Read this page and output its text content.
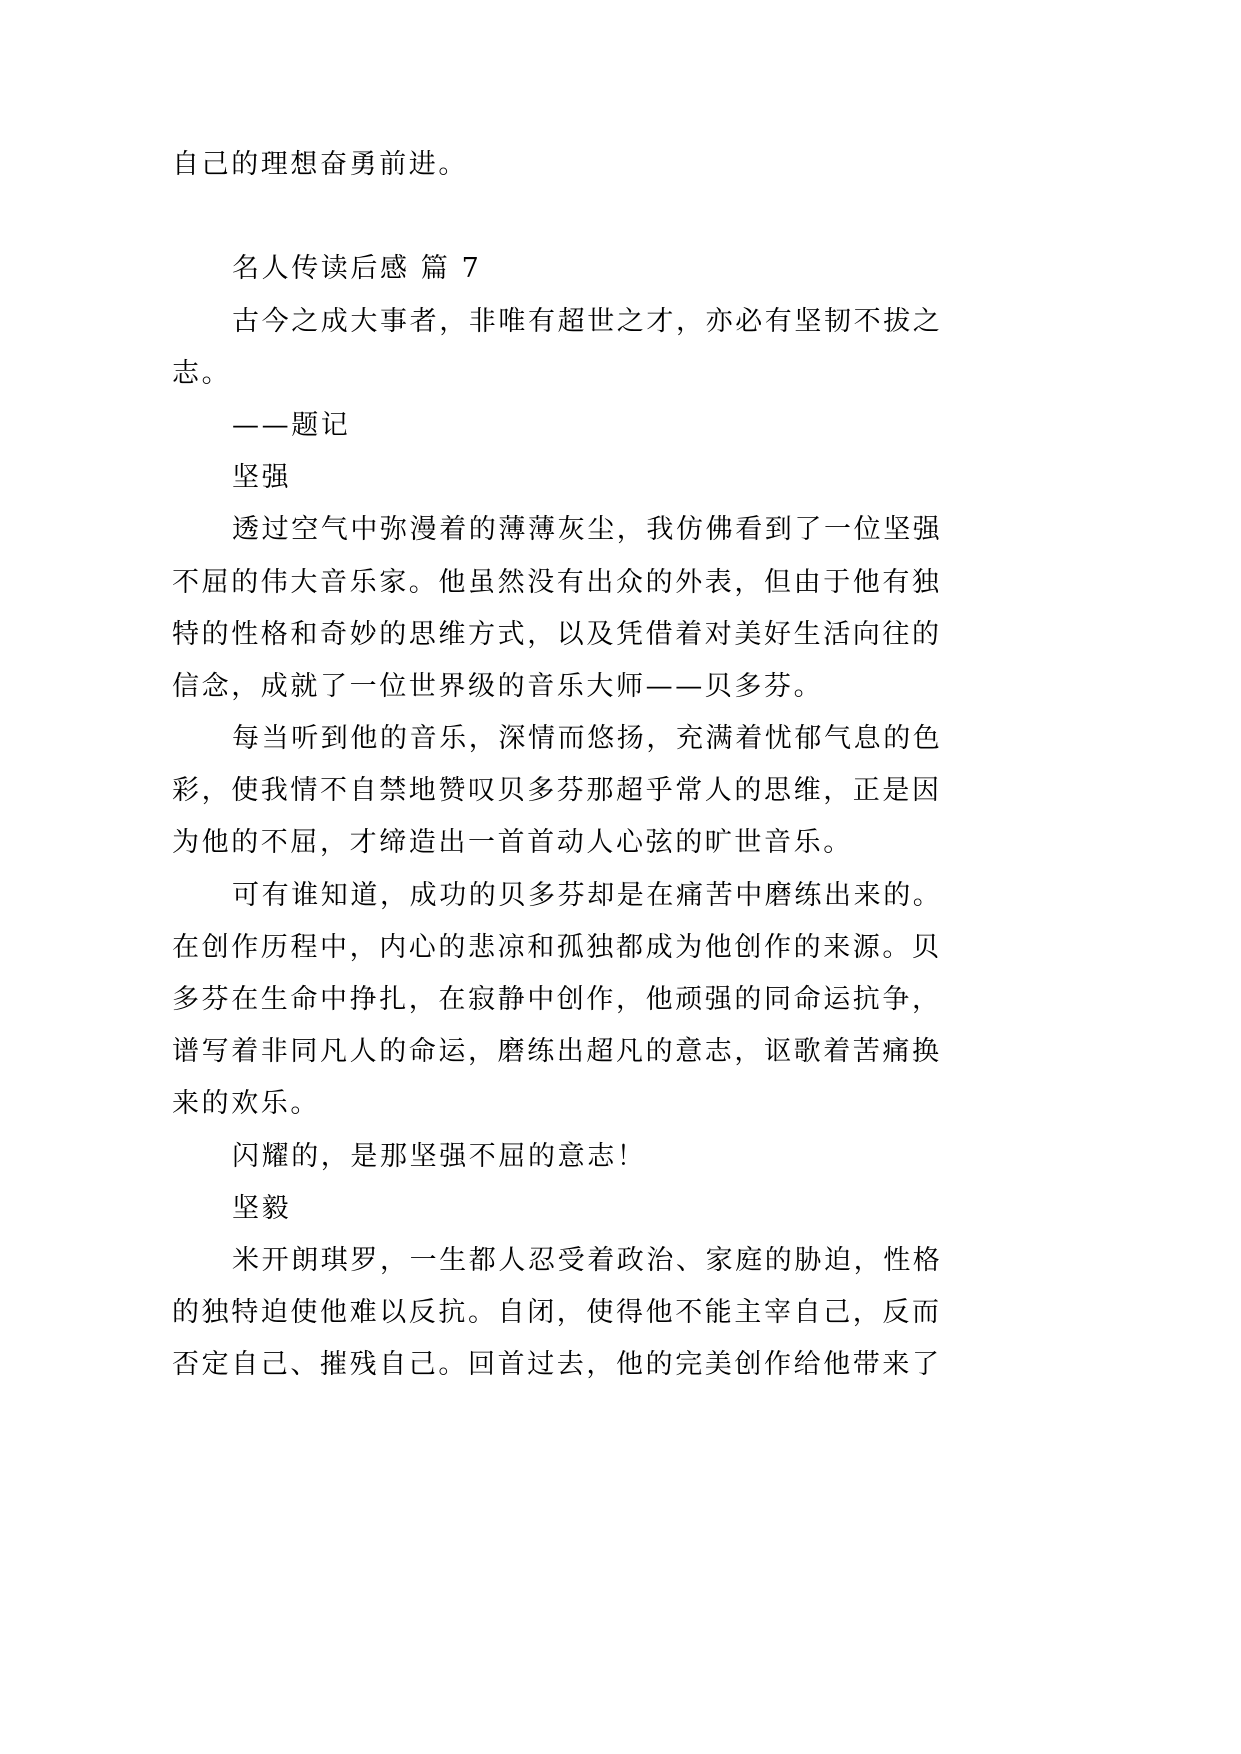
自己的理想奋勇前进。
名人传读后感 篇 7
古今之成大事者，非唯有超世之才，亦必有坚韧不拔之
志。
——题记
坚强
透过空气中弥漫着的薄薄灰尘，我仿佛看到了一位坚强
不屈的伟大音乐家。他虽然没有出众的外表，但由于他有独
特的性格和奇妙的思维方式，以及凭借着对美好生活向往的
信念，成就了一位世界级的音乐大师——贝多芬。
每当听到他的音乐，深情而悠扬，充满着忧郁气息的色
彩，使我情不自禁地赞叹贝多芬那超乎常人的思维，正是因
为他的不屈，才缔造出一首首动人心弦的旷世音乐。
可有谁知道，成功的贝多芬却是在痛苦中磨练出来的。
在创作历程中，内心的悲凉和孤独都成为他创作的来源。贝
多芬在生命中挣扎，在寂静中创作，他顽强的同命运抗争，
谱写着非同凡人的命运，磨练出超凡的意志，讴歌着苦痛换
来的欢乐。
闪耀的，是那坚强不屈的意志！
坚毅
米开朗琪罗，一生都人忍受着政治、家庭的胁迫，性格
的独特迫使他难以反抗。自闭，使得他不能主宰自己，反而
否定自己、摧残自己。回首过去，他的完美创作给他带来了
